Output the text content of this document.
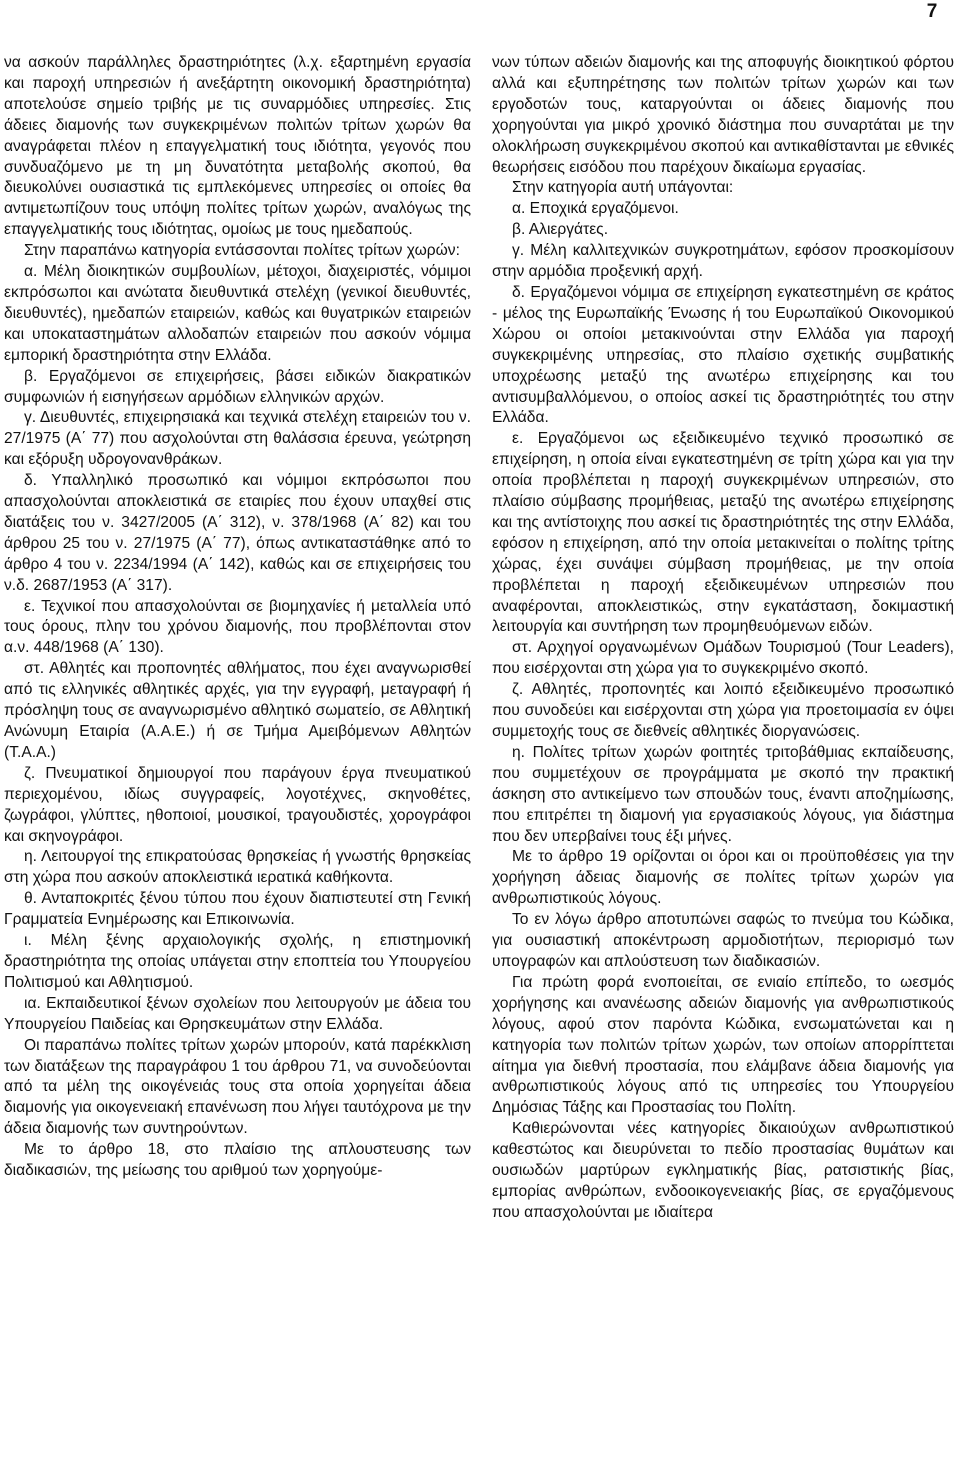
7

να ασκούν παράλληλες δραστηριότητες (λ.χ. εξαρτημένη εργασία και παροχή υπηρεσιών ή ανεξάρτητη οικονομική δραστηριότητα) αποτελούσε σημείο τριβής με τις συναρμόδιες υπηρεσίες. Στις άδειες διαμονής των συγκεκριμένων πολιτών τρίτων χωρών θα αναγράφεται πλέον η επαγγελματική τους ιδιότητα, γεγονός που συνδυαζόμενο με τη μη δυνατότητα μεταβολής σκοπού, θα διευκολύνει ουσιαστικά τις εμπλεκόμενες υπηρεσίες οι οποίες θα αντιμετωπίζουν τους υπόψη πολίτες τρίτων χωρών, αναλόγως της επαγγελματικής τους ιδιότητας, ομοίως με τους ημεδαπούς.

Στην παραπάνω κατηγορία εντάσσονται πολίτες τρίτων χωρών:

α. Μέλη διοικητικών συμβουλίων, μέτοχοι, διαχειριστές, νόμιμοι εκπρόσωποι και ανώτατα διευθυντικά στελέχη (γενικοί διευθυντές, διευθυντές), ημεδαπών εταιρειών, καθώς και θυγατρικών εταιρειών και υποκαταστημάτων αλλοδαπών εταιρειών που ασκούν νόμιμα εμπορική δραστηριότητα στην Ελλάδα.

β. Εργαζόμενοι σε επιχειρήσεις, βάσει ειδικών διακρατικών συμφωνιών ή εισηγήσεων αρμόδιων ελληνικών αρχών.

γ. Διευθυντές, επιχειρησιακά και τεχνικά στελέχη εταιρειών του ν. 27/1975 (Α΄ 77) που ασχολούνται στη θαλάσσια έρευνα, γεώτρηση και εξόρυξη υδρογονανθράκων.

δ. Υπαλληλικό προσωπικό και νόμιμοι εκπρόσωποι που απασχολούνται αποκλειστικά σε εταιρίες που έχουν υπαχθεί στις διατάξεις του ν. 3427/2005 (Α΄ 312), ν. 378/1968 (Α΄ 82) και του άρθρου 25 του ν. 27/1975 (Α΄ 77), όπως αντικαταστάθηκε από το άρθρο 4 του ν. 2234/1994 (Α΄ 142), καθώς και σε επιχειρήσεις του ν.δ. 2687/1953 (Α΄ 317).

ε. Τεχνικοί που απασχολούνται σε βιομηχανίες ή μεταλλεία υπό τους όρους, πλην του χρόνου διαμονής, που προβλέπονται στον α.ν. 448/1968 (Α΄ 130).

στ. Αθλητές και προπονητές αθλήματος, που έχει αναγνωρισθεί από τις ελληνικές αθλητικές αρχές, για την εγγραφή, μεταγραφή ή πρόσληψη τους σε αναγνωρισμένο αθλητικό σωματείο, σε Αθλητική Ανώνυμη Εταιρία (Α.Α.Ε.) ή σε Τμήμα Αμειβόμενων Αθλητών (Τ.Α.Α.)

ζ. Πνευματικοί δημιουργοί που παράγουν έργα πνευματικού περιεχομένου, ιδίως συγγραφείς, λογοτέχνες, σκηνοθέτες, ζωγράφοι, γλύπτες, ηθοποιοί, μουσικοί, τραγουδιστές, χορογράφοι και σκηνογράφοι.

η. Λειτουργοί της επικρατούσας θρησκείας ή γνωστής θρησκείας στη χώρα που ασκούν αποκλειστικά ιερατικά καθήκοντα.

θ. Ανταποκριτές ξένου τύπου που έχουν διαπιστευτεί στη Γενική Γραμματεία Ενημέρωσης και Επικοινωνία.

ι. Μέλη ξένης αρχαιολογικής σχολής, η επιστημονική δραστηριότητα της οποίας υπάγεται στην εποπτεία του Υπουργείου Πολιτισμού και Αθλητισμού.

ια. Εκπαιδευτικοί ξένων σχολείων που λειτουργούν με άδεια του Υπουργείου Παιδείας και Θρησκευμάτων στην Ελλάδα.

Οι παραπάνω πολίτες τρίτων χωρών μπορούν, κατά παρέκκλιση των διατάξεων της παραγράφου 1 του άρθρου 71, να συνοδεύονται από τα μέλη της οικογένειάς τους στα οποία χορηγείται άδεια διαμονής για οικογενειακή επανένωση που λήγει ταυτόχρονα με την άδεια διαμονής των συντηρούντων.

Με το άρθρο 18, στο πλαίσιο της απλουστευσης των διαδικασιών, της μείωσης του αριθμού των χορηγούμε-

νων τύπων αδειών διαμονής και της αποφυγής διοικητικού φόρτου αλλά και εξυπηρέτησης των πολιτών τρίτων χωρών και των εργοδοτών τους, καταργούνται οι άδειες διαμονής που χορηγούνται για μικρό χρονικό διάστημα που συναρτάται με την ολοκλήρωση συγκεκριμένου σκοπού και αντικαθίστανται με εθνικές θεωρήσεις εισόδου που παρέχουν δικαίωμα εργασίας.

Στην κατηγορία αυτή υπάγονται:

α. Εποχικά εργαζόμενοι.

β. Αλιεργάτες.

γ. Μέλη καλλιτεχνικών συγκροτημάτων, εφόσον προσκομίσουν στην αρμόδια προξενική αρχή.

δ. Εργαζόμενοι νόμιμα σε επιχείρηση εγκατεστημένη σε κράτος - μέλος της Ευρωπαϊκής Ένωσης ή του Ευρωπαϊκού Οικονομικού Χώρου οι οποίοι μετακινούνται στην Ελλάδα για παροχή συγκεκριμένης υπηρεσίας, στο πλαίσιο σχετικής συμβατικής υποχρέωσης μεταξύ της ανωτέρω επιχείρησης και του αντισυμβαλλόμενου, ο οποίος ασκεί τις δραστηριότητές του στην Ελλάδα.

ε. Εργαζόμενοι ως εξειδικευμένο τεχνικό προσωπικό σε επιχείρηση, η οποία είναι εγκατεστημένη σε τρίτη χώρα και για την οποία προβλέπεται η παροχή συγκεκριμένων υπηρεσιών, στο πλαίσιο σύμβασης προμήθειας, μεταξύ της ανωτέρω επιχείρησης και της αντίστοιχης που ασκεί τις δραστηριότητές της στην Ελλάδα, εφόσον η επιχείρηση, από την οποία μετακινείται ο πολίτης τρίτης χώρας, έχει συνάψει σύμβαση προμήθειας, με την οποία προβλέπεται η παροχή εξειδικευμένων υπηρεσιών που αναφέρονται, αποκλειστικώς, στην εγκατάσταση, δοκιμαστική λειτουργία και συντήρηση των προμηθευόμενων ειδών.

στ. Αρχηγοί οργανωμένων Ομάδων Τουρισμού (Tour Leaders), που εισέρχονται στη χώρα για το συγκεκριμένο σκοπό.

ζ. Αθλητές, προπονητές και λοιπό εξειδικευμένο προσωπικό που συνοδεύει και εισέρχονται στη χώρα για προετοιμασία εν όψει συμμετοχής τους σε διεθνείς αθλητικές διοργανώσεις.

η. Πολίτες τρίτων χωρών φοιτητές τριτοβάθμιας εκπαίδευσης, που συμμετέχουν σε προγράμματα με σκοπό την πρακτική άσκηση στο αντικείμενο των σπουδών τους, έναντι αποζημίωσης, που επιτρέπει τη διαμονή για εργασιακούς λόγους, για διάστημα που δεν υπερβαίνει τους έξι μήνες.

Με το άρθρο 19 ορίζονται οι όροι και οι προϋποθέσεις για την χορήγηση άδειας διαμονής σε πολίτες τρίτων χωρών για ανθρωπιστικούς λόγους.

Το εν λόγω άρθρο αποτυπώνει σαφώς το πνεύμα του Κώδικα, για ουσιαστική αποκέντρωση αρμοδιοτήτων, περιορισμό των υπογραφών και απλούστευση των διαδικασιών.

Για πρώτη φορά ενοποιείται, σε ενιαίο επίπεδο, το ωεσμός χορήγησης και ανανέωσης αδειών διαμονής για ανθρωπιστικούς λόγους, αφού στον παρόντα Κώδικα, ενσωματώνεται και η κατηγορία των πολιτών τρίτων χωρών, των οποίων απορρίπτεται αίτημα για διεθνή προστασία, που ελάμβανε άδεια διαμονής για ανθρωπιστικούς λόγους από τις υπηρεσίες του Υπουργείου Δημόσιας Τάξης και Προστασίας του Πολίτη.

Καθιερώνονται νέες κατηγορίες δικαιούχων ανθρωπιστικού καθεστώτος και διευρύνεται το πεδίο προστασίας θυμάτων και ουσιωδών μαρτύρων εγκληματικής βίας, ρατσιστικής βίας, εμπορίας ανθρώπων, ενδοοικογενειακής βίας, σε εργαζόμενους που απασχολούνται με ιδιαίτερα
